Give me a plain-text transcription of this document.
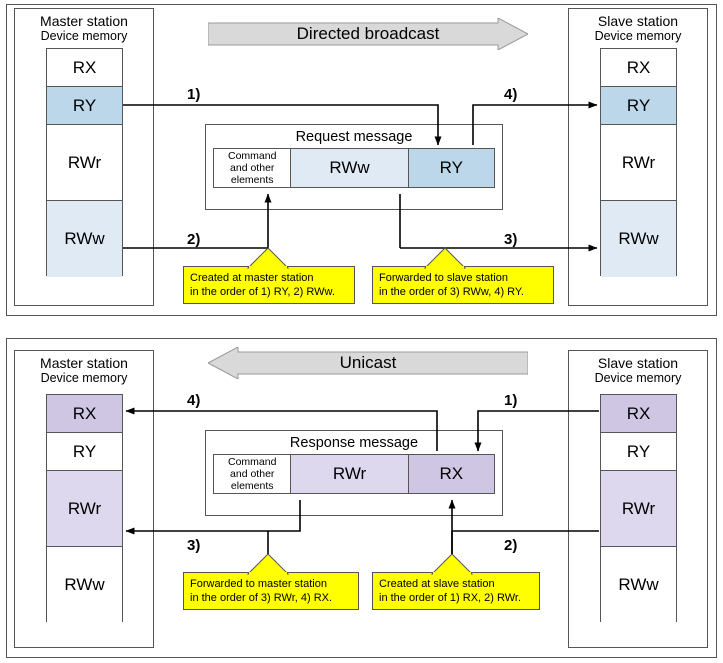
Master station
Device memory
RX
RY
RWr
RWw
Slave station
Device memory
RX
RY
RWr
RWw
Directed broadcast
Request message
Command
and other
elements
RWw	RY
1)
2)	3)
4)
Created at master station
in the order of 1) RY, 2) RWw.
Forwarded to slave station
in the order of 3) RWw, 4) RY.
Master station
Device memory
RX
RY
RWr
RWw
Slave station
Device memory
RX
RY
RWr
RWw
Unicast
Response message
Command
and other
elements
RWr	RX
1)
2)
3)
4)
Forwarded to master station
in the order of 3) RWr, 4) RX.
Created at slave station
in the order of 1) RX, 2) RWr.
